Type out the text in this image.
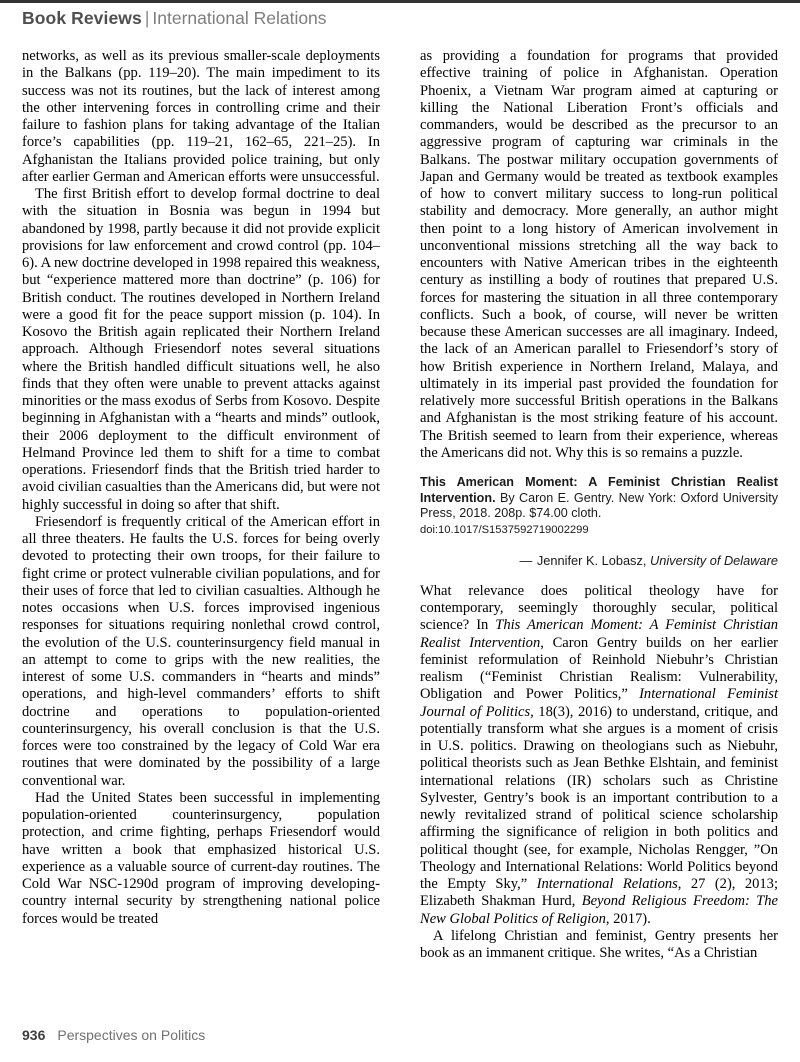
Book Reviews | International Relations

networks, as well as its previous smaller-scale deployments in the Balkans (pp. 119–20). The main impediment to its success was not its routines, but the lack of interest among the other intervening forces in controlling crime and their failure to fashion plans for taking advantage of the Italian force’s capabilities (pp. 119–21, 162–65, 221–25). In Afghanistan the Italians provided police training, but only after earlier German and American efforts were unsuccessful.

The first British effort to develop formal doctrine to deal with the situation in Bosnia was begun in 1994 but abandoned by 1998, partly because it did not provide explicit provisions for law enforcement and crowd control (pp. 104–6). A new doctrine developed in 1998 repaired this weakness, but “experience mattered more than doctrine” (p. 106) for British conduct. The routines developed in Northern Ireland were a good fit for the peace support mission (p. 104). In Kosovo the British again replicated their Northern Ireland approach. Although Friesendorf notes several situations where the British handled difficult situations well, he also finds that they often were unable to prevent attacks against minorities or the mass exodus of Serbs from Kosovo. Despite beginning in Afghanistan with a “hearts and minds” outlook, their 2006 deployment to the difficult environment of Helmand Province led them to shift for a time to combat operations. Friesendorf finds that the British tried harder to avoid civilian casualties than the Americans did, but were not highly successful in doing so after that shift.

Friesendorf is frequently critical of the American effort in all three theaters. He faults the U.S. forces for being overly devoted to protecting their own troops, for their failure to fight crime or protect vulnerable civilian populations, and for their uses of force that led to civilian casualties. Although he notes occasions when U.S. forces improvised ingenious responses for situations requiring nonlethal crowd control, the evolution of the U.S. counterinsurgency field manual in an attempt to come to grips with the new realities, the interest of some U.S. commanders in “hearts and minds” operations, and high-level commanders’ efforts to shift doctrine and operations to population-oriented counterinsurgency, his overall conclusion is that the U.S. forces were too constrained by the legacy of Cold War era routines that were dominated by the possibility of a large conventional war.

Had the United States been successful in implementing population-oriented counterinsurgency, population protection, and crime fighting, perhaps Friesendorf would have written a book that emphasized historical U.S. experience as a valuable source of current-day routines. The Cold War NSC-1290d program of improving developing-country internal security by strengthening national police forces would be treated

as providing a foundation for programs that provided effective training of police in Afghanistan. Operation Phoenix, a Vietnam War program aimed at capturing or killing the National Liberation Front’s officials and commanders, would be described as the precursor to an aggressive program of capturing war criminals in the Balkans. The postwar military occupation governments of Japan and Germany would be treated as textbook examples of how to convert military success to long-run political stability and democracy. More generally, an author might then point to a long history of American involvement in unconventional missions stretching all the way back to encounters with Native American tribes in the eighteenth century as instilling a body of routines that prepared U.S. forces for mastering the situation in all three contemporary conflicts. Such a book, of course, will never be written because these American successes are all imaginary. Indeed, the lack of an American parallel to Friesendorf’s story of how British experience in Northern Ireland, Malaya, and ultimately in its imperial past provided the foundation for relatively more successful British operations in the Balkans and Afghanistan is the most striking feature of his account. The British seemed to learn from their experience, whereas the Americans did not. Why this is so remains a puzzle.

This American Moment: A Feminist Christian Realist Intervention. By Caron E. Gentry. New York: Oxford University Press, 2018. 208p. $74.00 cloth.
doi:10.1017/S1537592719002299
— Jennifer K. Lobasz, University of Delaware

What relevance does political theology have for contemporary, seemingly thoroughly secular, political science? In This American Moment: A Feminist Christian Realist Intervention, Caron Gentry builds on her earlier feminist reformulation of Reinhold Niebuhr’s Christian realism (“Feminist Christian Realism: Vulnerability, Obligation and Power Politics,” International Feminist Journal of Politics, 18(3), 2016) to understand, critique, and potentially transform what she argues is a moment of crisis in U.S. politics. Drawing on theologians such as Niebuhr, political theorists such as Jean Bethke Elshtain, and feminist international relations (IR) scholars such as Christine Sylvester, Gentry’s book is an important contribution to a newly revitalized strand of political science scholarship affirming the significance of religion in both politics and political thought (see, for example, Nicholas Rengger, ”On Theology and International Relations: World Politics beyond the Empty Sky,” International Relations, 27 (2), 2013; Elizabeth Shakman Hurd, Beyond Religious Freedom: The New Global Politics of Religion, 2017).

A lifelong Christian and feminist, Gentry presents her book as an immanent critique. She writes, “As a Christian

936 Perspectives on Politics
